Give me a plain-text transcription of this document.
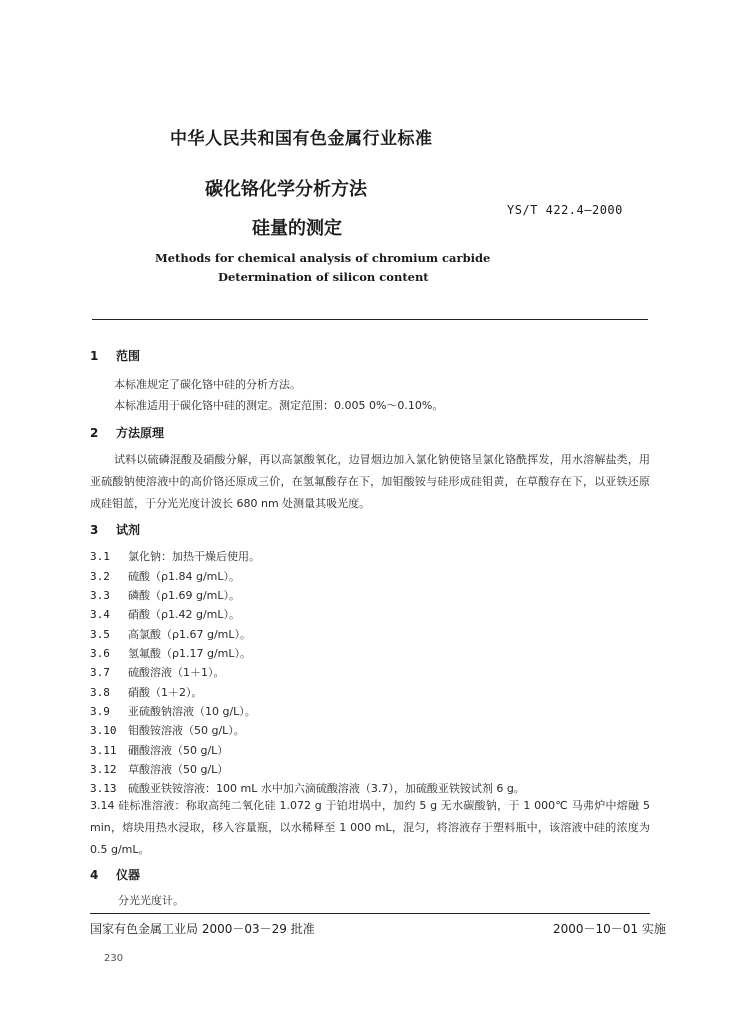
中华人民共和国有色金属行业标准
碳化铬化学分析方法
硅量的测定
YS/T 422.4—2000
Methods for chemical analysis of chromium carbide
Determination of silicon content
1 范围
本标准规定了碳化铬中硅的分析方法。
本标准适用于碳化铬中硅的测定。测定范围：0.005 0%～0.10%。
2 方法原理
试料以硫磷混酸及硝酸分解，再以高氯酸氧化，边冒烟边加入氯化钠使铬呈氯化铬酰挥发，用水溶解盐类，用亚硫酸钠使溶液中的高价铬还原成三价，在氢氟酸存在下，加钼酸铵与硅形成硅钼黄，在草酸存在下，以亚铁还原成硅钼蓝，于分光光度计波长 680 nm 处测量其吸光度。
3 试剂
3.1 氯化钠：加热干燥后使用。
3.2 硫酸（ρ1.84 g/mL）。
3.3 磷酸（ρ1.69 g/mL）。
3.4 硝酸（ρ1.42 g/mL）。
3.5 高氯酸（ρ1.67 g/mL）。
3.6 氢氟酸（ρ1.17 g/mL）。
3.7 硫酸溶液（1＋1）。
3.8 硝酸（1＋2）。
3.9 亚硫酸钠溶液（10 g/L）。
3.10 钼酸铵溶液（50 g/L）。
3.11 硼酸溶液（50 g/L）
3.12 草酸溶液（50 g/L）
3.13 硫酸亚铁铵溶液：100 mL 水中加六滴硫酸溶液（3.7），加硫酸亚铁铵试剂 6 g。
3.14 硅标准溶液：称取高纯二氧化硅 1.072 g 于铂坩埚中，加约 5 g 无水碳酸钠，于 1 000℃ 马弗炉中熔融 5 min，熔块用热水浸取，移入容量瓶，以水稀释至 1 000 mL，混匀，将溶液存于塑料瓶中，该溶液中硅的浓度为 0.5 g/mL。
4 仪器
分光光度计。
国家有色金属工业局 2000－03－29 批准	2000－10－01 实施
230
